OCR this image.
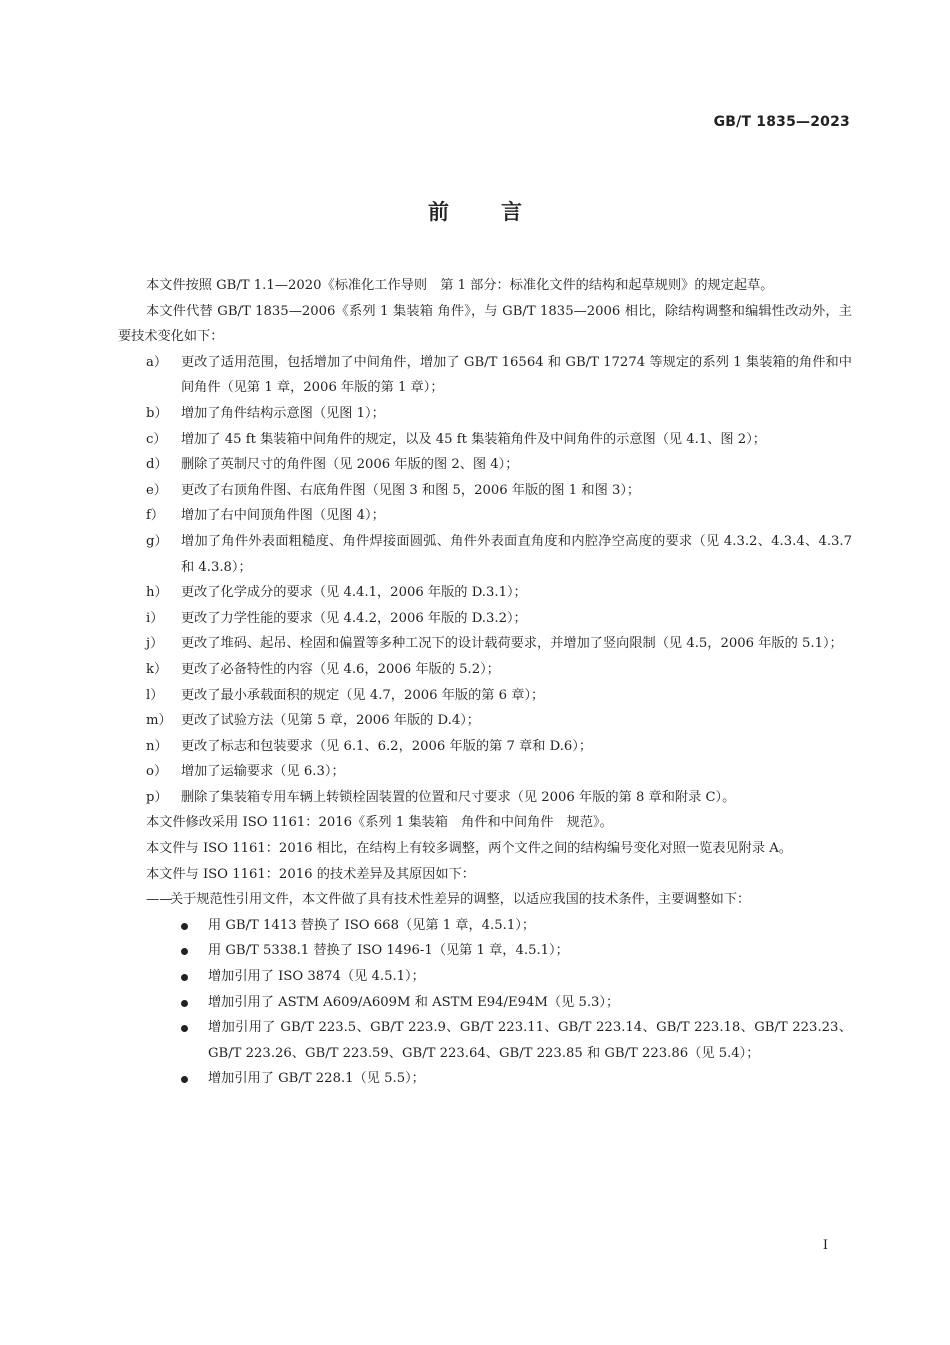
GB/T 1835—2023
前言

本文件按照 GB/T 1.1—2020《标准化工作导则　第 1 部分：标准化文件的结构和起草规则》的规定起草。

本文件代替 GB/T 1835—2006《系列 1 集装箱 角件》，与 GB/T 1835—2006 相比，除结构调整和编辑性改动外，主要技术变化如下：

a） 更改了适用范围，包括增加了中间角件，增加了 GB/T 16564 和 GB/T 17274 等规定的系列 1 集装箱的角件和中间角件（见第 1 章，2006 年版的第 1 章）；
b） 增加了角件结构示意图（见图 1）；
c） 增加了 45 ft 集装箱中间角件的规定，以及 45 ft 集装箱角件及中间角件的示意图（见 4.1、图 2）；
d） 删除了英制尺寸的角件图（见 2006 年版的图 2、图 4）；
e） 更改了右顶角件图、右底角件图（见图 3 和图 5，2006 年版的图 1 和图 3）；
f） 增加了右中间顶角件图（见图 4）；
g） 增加了角件外表面粗糙度、角件焊接面圆弧、角件外表面直角度和内腔净空高度的要求（见 4.3.2、4.3.4、4.3.7 和 4.3.8）；
h） 更改了化学成分的要求（见 4.4.1，2006 年版的 D.3.1）；
i） 更改了力学性能的要求（见 4.4.2，2006 年版的 D.3.2）；
j） 更改了堆码、起吊、栓固和偏置等多种工况下的设计载荷要求，并增加了竖向限制（见 4.5，2006 年版的 5.1）；
k） 更改了必备特性的内容（见 4.6，2006 年版的 5.2）；
l） 更改了最小承载面积的规定（见 4.7，2006 年版的第 6 章）；
m） 更改了试验方法（见第 5 章，2006 年版的 D.4）；
n） 更改了标志和包装要求（见 6.1、6.2，2006 年版的第 7 章和 D.6）；
o） 增加了运输要求（见 6.3）；
p） 删除了集装箱专用车辆上转锁栓固装置的位置和尺寸要求（见 2006 年版的第 8 章和附录 C）。

本文件修改采用 ISO 1161：2016《系列 1 集装箱　角件和中间角件　规范》。

本文件与 ISO 1161：2016 相比，在结构上有较多调整，两个文件之间的结构编号变化对照一览表见附录 A。

本文件与 ISO 1161：2016 的技术差异及其原因如下：

——
关于规范性引用文件，本文件做了具有技术性差异的调整，以适应我国的技术条件，主要调整如下：
用 GB/T 1413 替换了 ISO 668（见第 1 章，4.5.1）；
用 GB/T 5338.1 替换了 ISO 1496-1（见第 1 章，4.5.1）；
增加引用了 ISO 3874（见 4.5.1）；
增加引用了 ASTM A609/A609M 和 ASTM E94/E94M（见 5.3）；
增加引用了 GB/T 223.5、GB/T 223.9、GB/T 223.11、GB/T 223.14、GB/T 223.18、GB/T 223.23、GB/T 223.26、GB/T 223.59、GB/T 223.64、GB/T 223.85 和 GB/T 223.86（见 5.4）；
增加引用了 GB/T 228.1（见 5.5）；
I
